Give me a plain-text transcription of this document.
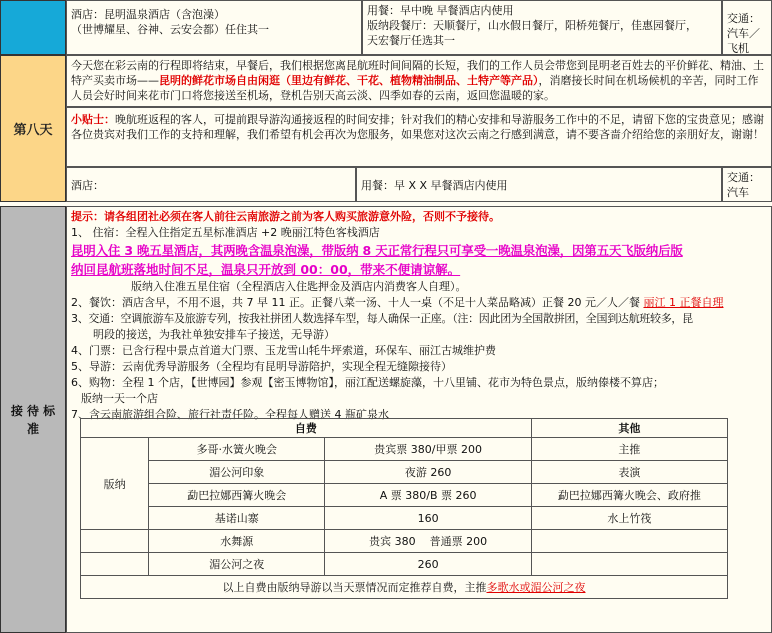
酒店：昆明温泉酒店（含泡澡）
（世博耀星、谷神、云安会都）任住其一
用餐：早中晚 早餐酒店内使用
版纳段餐厅：天顺餐厅，山水假日餐厅，阳桥苑餐厅，佳惠园餐厅，
天宏餐厅任选其一
交通：
汽车／飞机
第八天
今天您在彩云南的行程即将结束，早餐后，我们根据您离昆航班时间间隔的长短，我们的工作人员会带您到昆明老百姓去的平价鲜花、精油、土特产买卖市场——昆明的鲜花市场自由闲逛（里边有鲜花、干花、植物精油制品、土特产等产品），消磨接长时间在机场候机的辛苦，同时工作人员会好时间来花市门口将您接送至机场，登机告别天高云淡、四季如春的云南，返回您温暖的家。
小贴士：晚航班返程的客人，可提前跟导游沟通接返程的时间安排；针对我们的精心安排和导游服务工作中的不足，请留下您的宝贵意见；感谢各位贵宾对我们工作的支持和理解，我们希望有机会再次为您服务，如果您对这次云南之行感到满意，请不要吝啬介绍给您的亲朋好友，谢谢！
酒店：	用餐：早 X X 早餐酒店内使用
交通：
汽车
接 待 标
准
提示：请各组团社必须在客人前往云南旅游之前为客人购买旅游意外险，否则不予接待。
1、 住宿：全程入住指定五星标准酒店 +2 晚丽江特色客栈酒店
昆明入住 3 晚五星酒店，其两晚含温泉泡澡，带版纳 8 天正常行程只可享受一晚温泉泡澡，因第五天飞版纳后版
纳回昆航班落地时间不足，温泉只开放到 00：00，带来不便请谅解。
版纳入住准五星住宿（全程酒店入住匙押金及酒店内消费客人自理）。
2、餐饮：酒店含早，不用不退，共 7 早 11 正。正餐八菜一汤、十人一桌（不足十人菜品略减）正餐 20 元／人／餐 丽江 1 正餐自理
3、交通：空调旅游车及旅游专列，按我社拼团人数选择车型，每人确保一正座。（注：因此团为全国散拼团，全国到达航班较多，昆
明段的接送，为我社单独安排车子接送，无导游）
4、门票：已含行程中景点首道大门票、玉龙雪山牦牛坪索道，环保车、丽江古城维护费
5、导游：云南优秀导游服务（全程均有昆明导游陪护，实现全程无缝隙接待）
6、购物：全程 1 个店，【世博园】参观【密玉博物馆】，丽江配送螺旋藻，十八里铺、花市为特色景点，版纳傣楼不算店；
版纳一天一个店
7、含云南旅游组合险、旅行社责任险。全程每人赠送 4 瓶矿泉水
自费			其他
版纳	多哥·水簧火晚会	贵宾票 380/甲票 200	主推
	湄公河印象	夜游 260	表演
	勐巴拉娜西篝火晚会	A 票 380/B 票 260	勐巴拉娜西篝火晚会、政府推
	基诺山寨	160	水上竹筏
	水舞源	贵宾 380 普通票 200	
	湄公河之夜	260	
以上自费由版纳导游以当天票情况而定推荐自费，主推多歌水或湄公河之夜			
